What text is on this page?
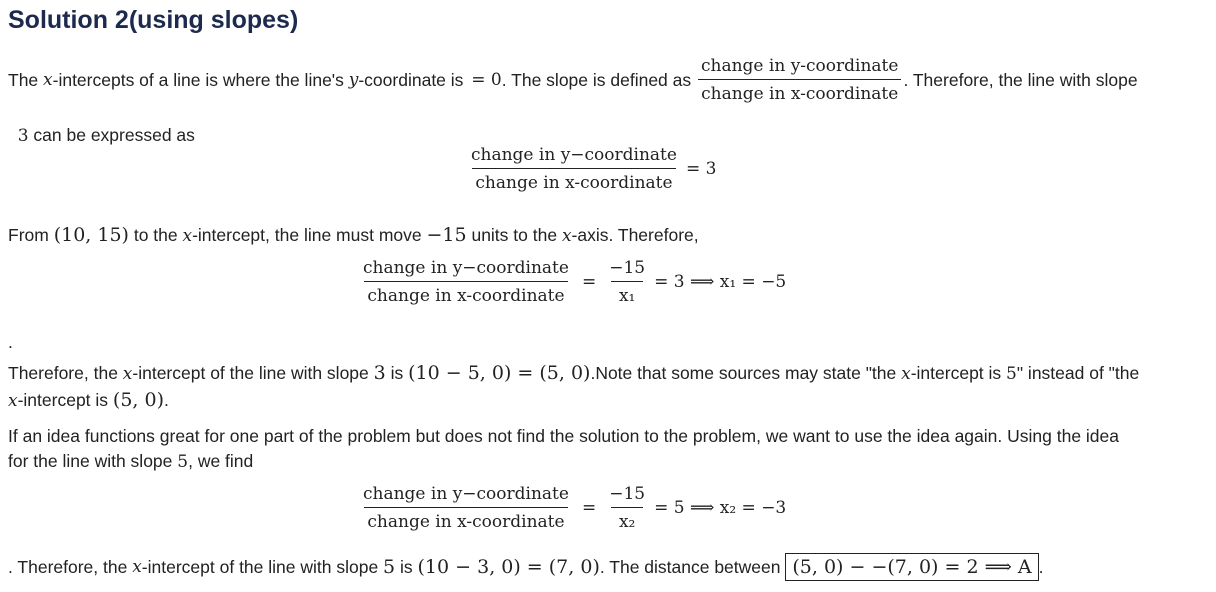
Solution 2(using slopes)
The x -intercepts of a line is where the line's y -coordinate is = 0 . The slope is defined as $\frac{\text{change in y-coordinate}}{\text{change in x-coordinate}}$ . Therefore, the line with slope

3 can be expressed as

$\frac{\text{change in y−coordinate}}{\text{change in x-coordinate}} = 3$
From (10, 15) to the x -intercept, the line must move −15 units to the x -axis. Therefore,
$\frac{\text{change in y−coordinate}}{\text{change in x-coordinate}} = \frac{-15}{\text{x₁}} = 3$ ⟹ x₁ = −5
.
Therefore, the x -intercept of the line with slope 3 is (10 − 5, 0) = (5, 0) .Note that some sources may state "the x -intercept is 5 " instead of "the
x -intercept is (5, 0) .
If an idea functions great for one part of the problem but does not find the solution to the problem, we want to use the idea again. Using the idea
for the line with slope 5 , we find
$\frac{\text{change in y−coordinate}}{\text{change in x-coordinate}} = \frac{-15}{\text{x₂}} = 5$ ⟹ x₂ = −3
. Therefore, the x -intercept of the line with slope 5 is (10 − 3, 0) = (7, 0) . The distance between (5, 0) − −(7, 0) = 2 ⟹ A .
